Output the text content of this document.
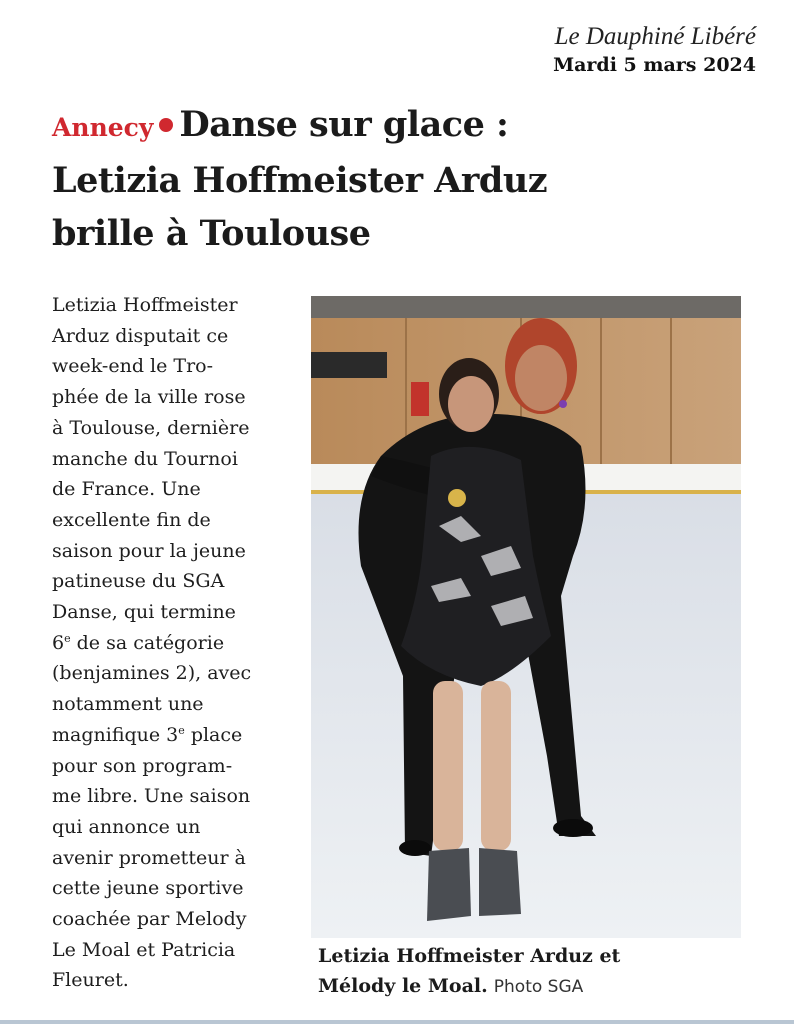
Le Dauphiné Libéré
Mardi 5 mars 2024
Annecy Danse sur glace :
Letizia Hoffmeister Arduz
brille à Toulouse
Letizia Hoffmeister
Arduz disputait ce
week-end le Tro-
phée de la ville rose
à Toulouse, dernière
manche du Tournoi
de France. Une
excellente fin de
saison pour la jeune
patineuse du SGA
Danse, qui termine
6e de sa catégorie
(benjamines 2), avec
notamment une
magnifique 3e place
pour son program-
me libre. Une saison
qui annonce un
avenir prometteur à
cette jeune sportive
coachée par Melody
Le Moal et Patricia
Fleuret.
Letizia Hoffmeister Arduz et
Mélody le Moal. Photo SGA
